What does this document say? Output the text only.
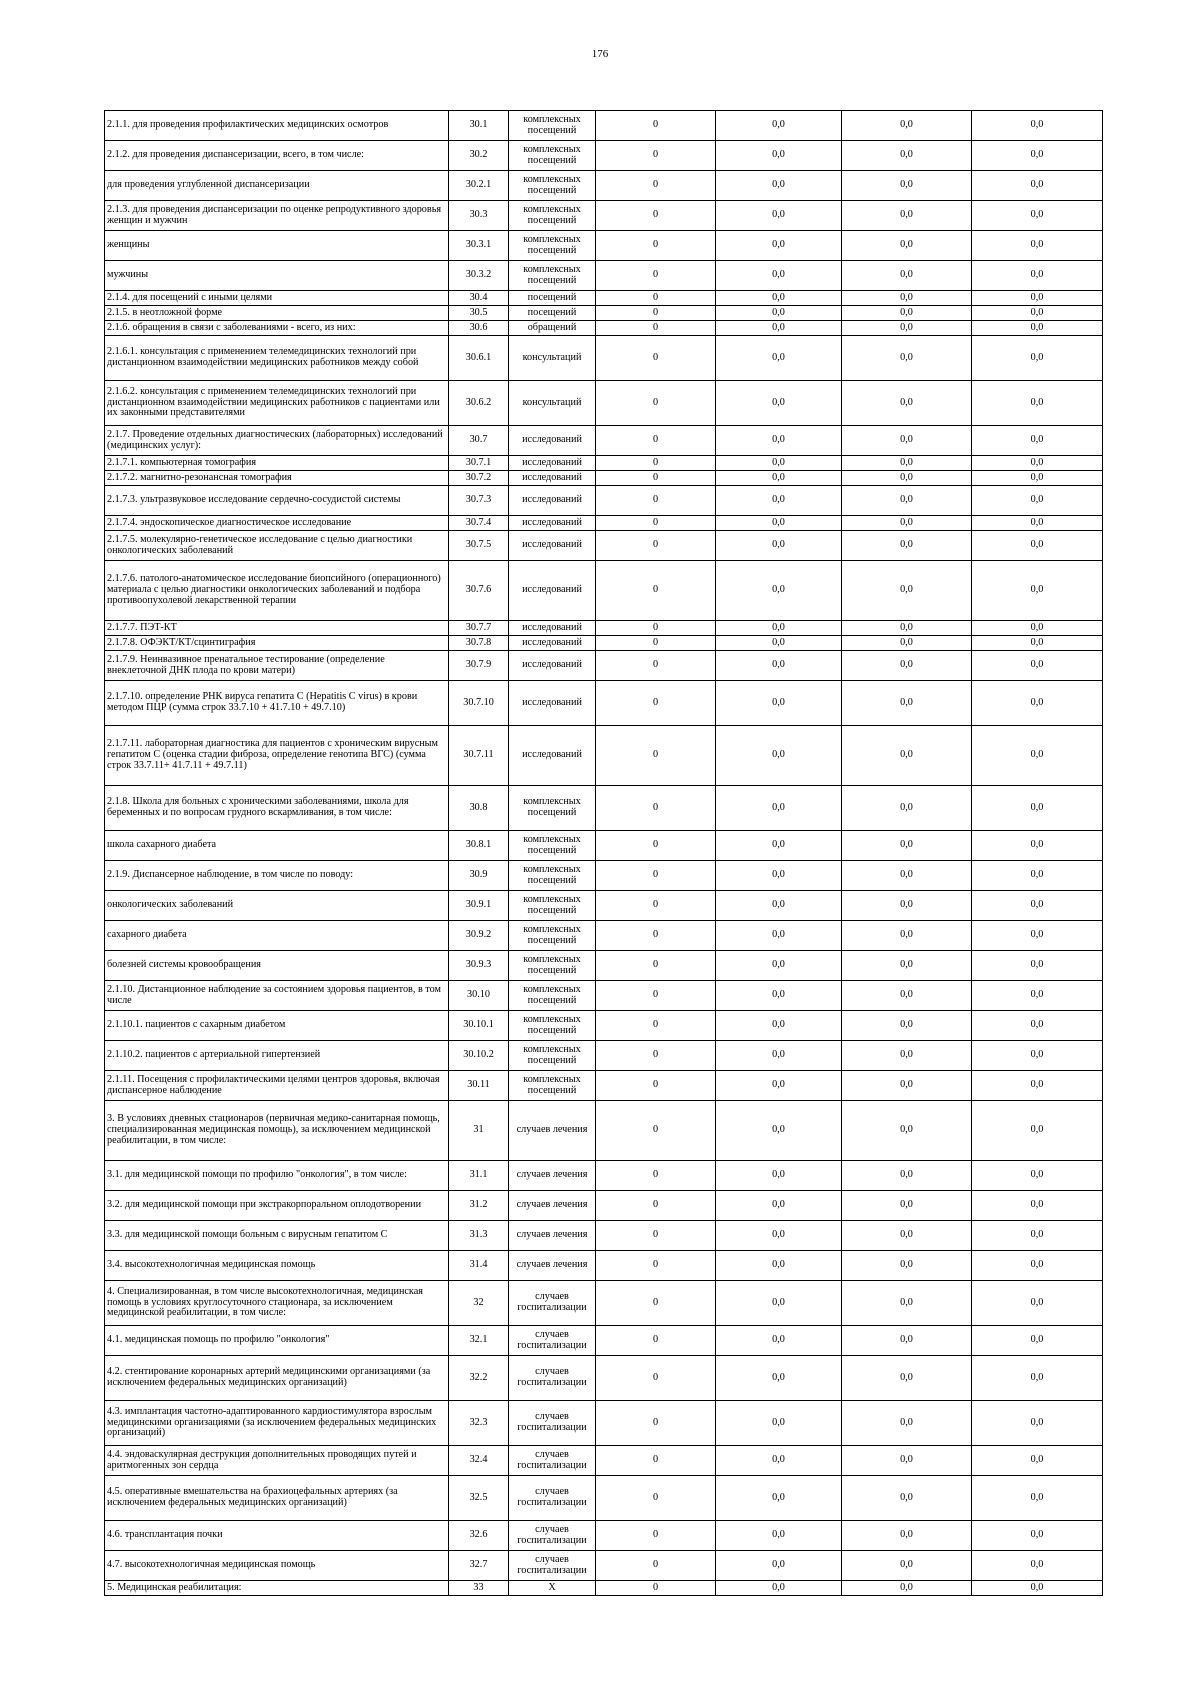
176
2.1.1. для проведения профилактических медицинских осмотров	30.1	комплексных посещений	0	0,0	0,0	0,0
2.1.2. для проведения диспансеризации, всего, в том числе:	30.2	комплексных посещений	0	0,0	0,0	0,0
для проведения углубленной диспансеризации	30.2.1	комплексных посещений	0	0,0	0,0	0,0
2.1.3. для проведения диспансеризации по оценке репродуктивного здоровья женщин и мужчин	30.3	комплексных посещений	0	0,0	0,0	0,0
женщины	30.3.1	комплексных посещений	0	0,0	0,0	0,0
мужчины	30.3.2	комплексных посещений	0	0,0	0,0	0,0
2.1.4. для посещений с иными целями	30.4	посещений	0	0,0	0,0	0,0
2.1.5. в неотложной форме	30.5	посещений	0	0,0	0,0	0,0
2.1.6. обращения в связи с заболеваниями - всего, из них:	30.6	обращений	0	0,0	0,0	0,0
2.1.6.1. консультация с применением телемедицинских технологий при дистанционном взаимодействии медицинских работников между собой	30.6.1	консультаций	0	0,0	0,0	0,0
2.1.6.2. консультация с применением телемедицинских технологий при дистанционном взаимодействии медицинских работников с пациентами или их законными представителями	30.6.2	консультаций	0	0,0	0,0	0,0
2.1.7. Проведение отдельных диагностических (лабораторных) исследований (медицинских услуг):	30.7	исследований	0	0,0	0,0	0,0
2.1.7.1. компьютерная томография	30.7.1	исследований	0	0,0	0,0	0,0
2.1.7.2. магнитно-резонансная томография	30.7.2	исследований	0	0,0	0,0	0,0
2.1.7.3. ультразвуковое исследование сердечно-сосудистой системы	30.7.3	исследований	0	0,0	0,0	0,0
2.1.7.4. эндоскопическое диагностическое исследование	30.7.4	исследований	0	0,0	0,0	0,0
2.1.7.5. молекулярно-генетическое исследование с целью диагностики онкологических заболеваний	30.7.5	исследований	0	0,0	0,0	0,0
2.1.7.6. патолого-анатомическое исследование биопсийного (операционного) материала с целью диагностики онкологических заболеваний и подбора противоопухолевой лекарственной терапии	30.7.6	исследований	0	0,0	0,0	0,0
2.1.7.7. ПЭТ-КТ	30.7.7	исследований	0	0,0	0,0	0,0
2.1.7.8. ОФЭКТ/КТ/сцинтиграфия	30.7.8	исследований	0	0,0	0,0	0,0
2.1.7.9. Неинвазивное пренатальное тестирование (определение внеклеточной ДНК плода по крови матери)	30.7.9	исследований	0	0,0	0,0	0,0
2.1.7.10. определение РНК вируса гепатита С (Hepatitis C virus) в крови методом ПЦР (сумма строк 33.7.10 + 41.7.10 + 49.7.10)	30.7.10	исследований	0	0,0	0,0	0,0
2.1.7.11. лабораторная диагностика для пациентов с хроническим вирусным гепатитом С (оценка стадии фиброза, определение генотипа ВГС) (сумма строк 33.7.11+ 41.7.11 + 49.7.11)	30.7.11	исследований	0	0,0	0,0	0,0
2.1.8. Школа для больных с хроническими заболеваниями, школа для беременных и по вопросам грудного вскармливания, в том числе:	30.8	комплексных посещений	0	0,0	0,0	0,0
школа сахарного диабета	30.8.1	комплексных посещений	0	0,0	0,0	0,0
2.1.9. Диспансерное наблюдение, в том числе по поводу:	30.9	комплексных посещений	0	0,0	0,0	0,0
онкологических заболеваний	30.9.1	комплексных посещений	0	0,0	0,0	0,0
сахарного диабета	30.9.2	комплексных посещений	0	0,0	0,0	0,0
болезней системы кровообращения	30.9.3	комплексных посещений	0	0,0	0,0	0,0
2.1.10. Дистанционное наблюдение за состоянием здоровья пациентов, в том числе	30.10	комплексных посещений	0	0,0	0,0	0,0
2.1.10.1. пациентов с сахарным диабетом	30.10.1	комплексных посещений	0	0,0	0,0	0,0
2.1.10.2. пациентов с артериальной гипертензией	30.10.2	комплексных посещений	0	0,0	0,0	0,0
2.1.11. Посещения с профилактическими целями центров здоровья, включая диспансерное наблюдение	30.11	комплексных посещений	0	0,0	0,0	0,0
3. В условиях дневных стационаров (первичная медико-санитарная помощь, специализированная медицинская помощь), за исключением медицинской реабилитации, в том числе:	31	случаев лечения	0	0,0	0,0	0,0
3.1. для медицинской помощи по профилю "онкология", в том числе:	31.1	случаев лечения	0	0,0	0,0	0,0
3.2. для медицинской помощи при экстракорпоральном оплодотворении	31.2	случаев лечения	0	0,0	0,0	0,0
3.3. для медицинской помощи больным с вирусным гепатитом С	31.3	случаев лечения	0	0,0	0,0	0,0
3.4. высокотехнологичная медицинская помощь	31.4	случаев лечения	0	0,0	0,0	0,0
4. Специализированная, в том числе высокотехнологичная, медицинская помощь в условиях круглосуточного стационара, за исключением медицинской реабилитации, в том числе:	32	случаев госпитализации	0	0,0	0,0	0,0
4.1. медицинская помощь по профилю "онкология"	32.1	случаев госпитализации	0	0,0	0,0	0,0
4.2. стентирование коронарных артерий медицинскими организациями (за исключением федеральных медицинских организаций)	32.2	случаев госпитализации	0	0,0	0,0	0,0
4.3. имплантация частотно-адаптированного кардиостимулятора взрослым медицинскими организациями (за исключением федеральных медицинских организаций)	32.3	случаев госпитализации	0	0,0	0,0	0,0
4.4. эндоваскулярная деструкция дополнительных проводящих путей и аритмогенных зон сердца	32.4	случаев госпитализации	0	0,0	0,0	0,0
4.5. оперативные вмешательства на брахиоцефальных артериях (за исключением федеральных медицинских организаций)	32.5	случаев госпитализации	0	0,0	0,0	0,0
4.6. трансплантация почки	32.6	случаев госпитализации	0	0,0	0,0	0,0
4.7. высокотехнологичная медицинская помощь	32.7	случаев госпитализации	0	0,0	0,0	0,0
5. Медицинская реабилитация:	33	X	0	0,0	0,0	0,0
